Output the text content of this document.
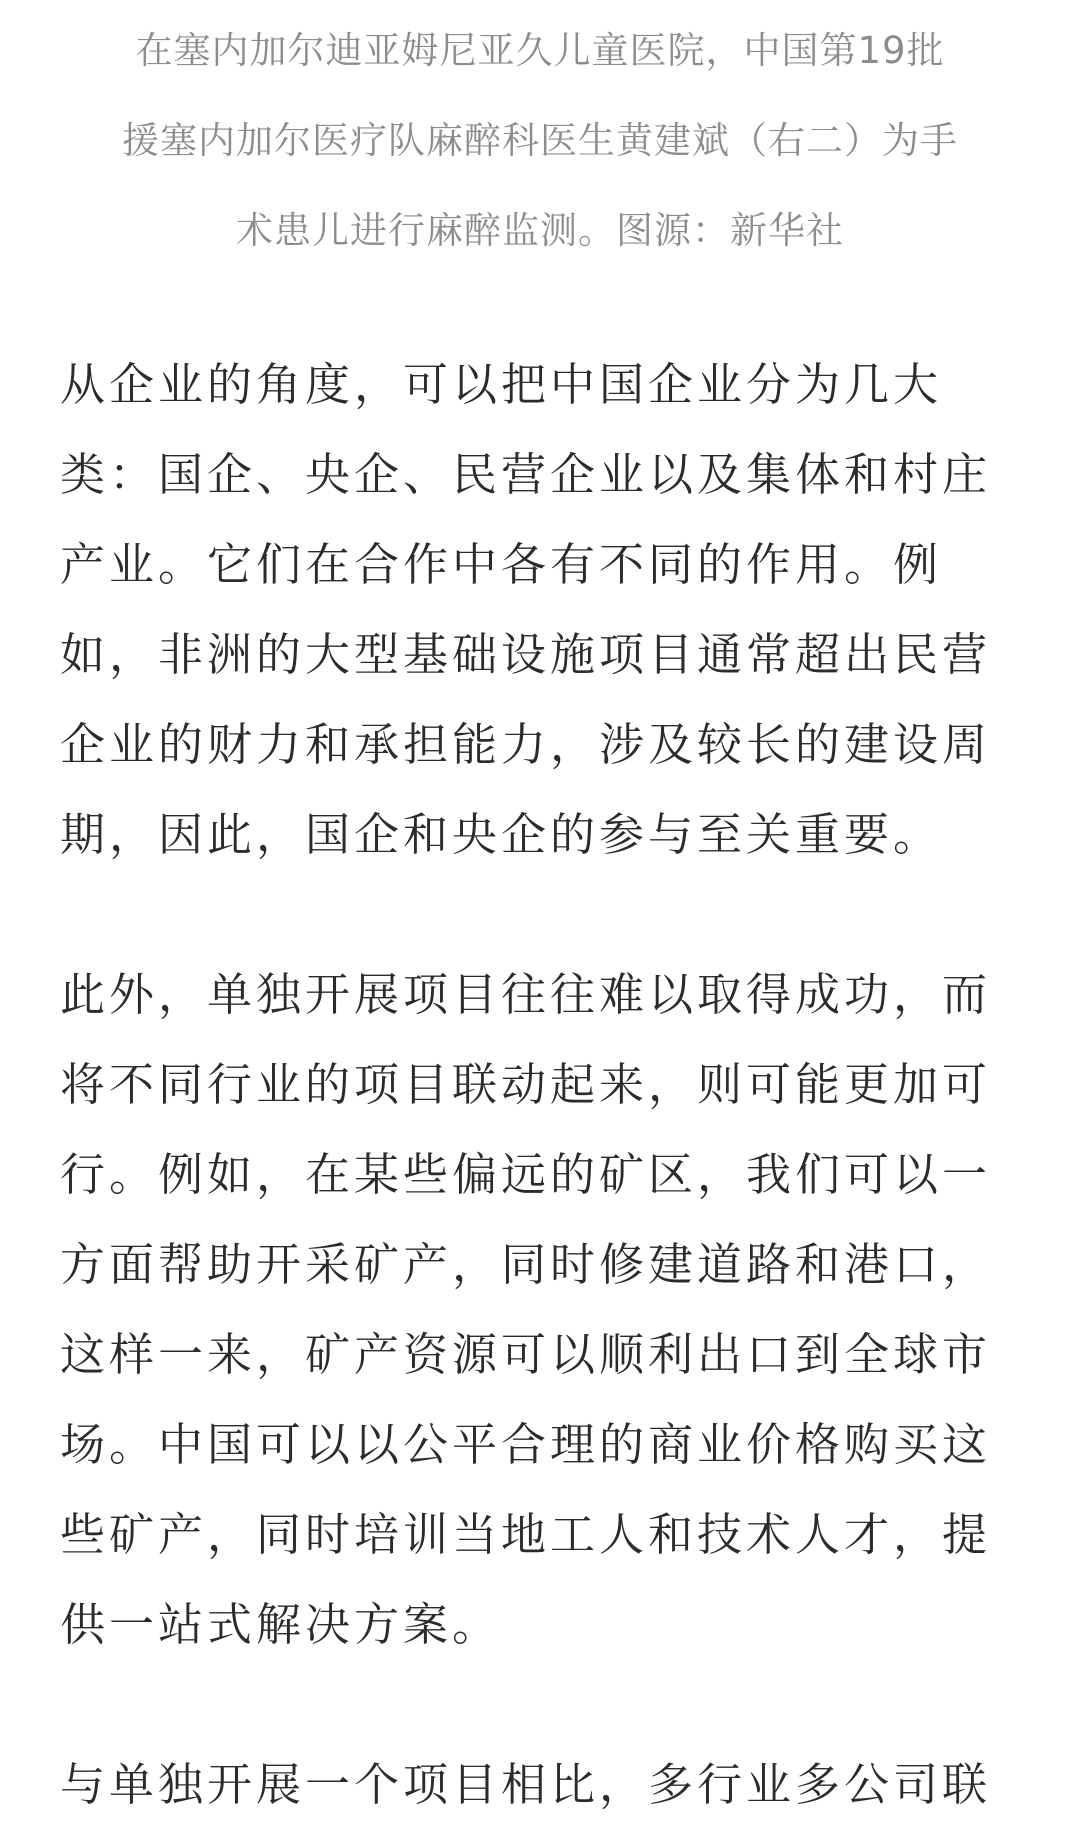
在塞内加尔迪亚姆尼亚久儿童医院，中国第19批
援塞内加尔医疗队麻醉科医生黄建斌（右二）为手
术患儿进行麻醉监测。图源：新华社

从企业的角度，可以把中国企业分为几大
类：国企、央企、民营企业以及集体和村庄
产业。它们在合作中各有不同的作用。例
如，非洲的大型基础设施项目通常超出民营
企业的财力和承担能力，涉及较长的建设周
期，因此，国企和央企的参与至关重要。

此外，单独开展项目往往难以取得成功，而
将不同行业的项目联动起来，则可能更加可
行。例如，在某些偏远的矿区，我们可以一
方面帮助开采矿产，同时修建道路和港口，
这样一来，矿产资源可以顺利出口到全球市
场。中国可以以公平合理的商业价格购买这
些矿产，同时培训当地工人和技术人才，提
供一站式解决方案。

与单独开展一个项目相比，多行业多公司联
